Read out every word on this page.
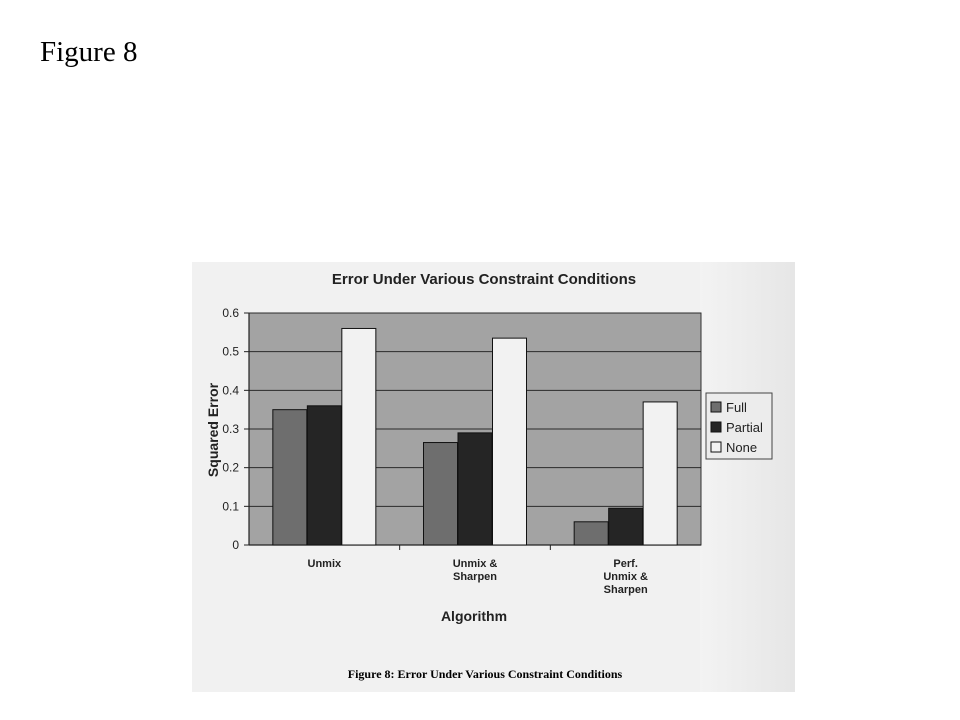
Figure 8
Error Under Various Constraint Conditions
0
0.1
0.2
0.3
0.4
0.5
0.6
Unmix	Unmix &
Sharpen
Perf.
Unmix &
Sharpen
Full
Partial
None
Algorithm
Squared Error
Figure 8: Error Under Various Constraint Conditions
